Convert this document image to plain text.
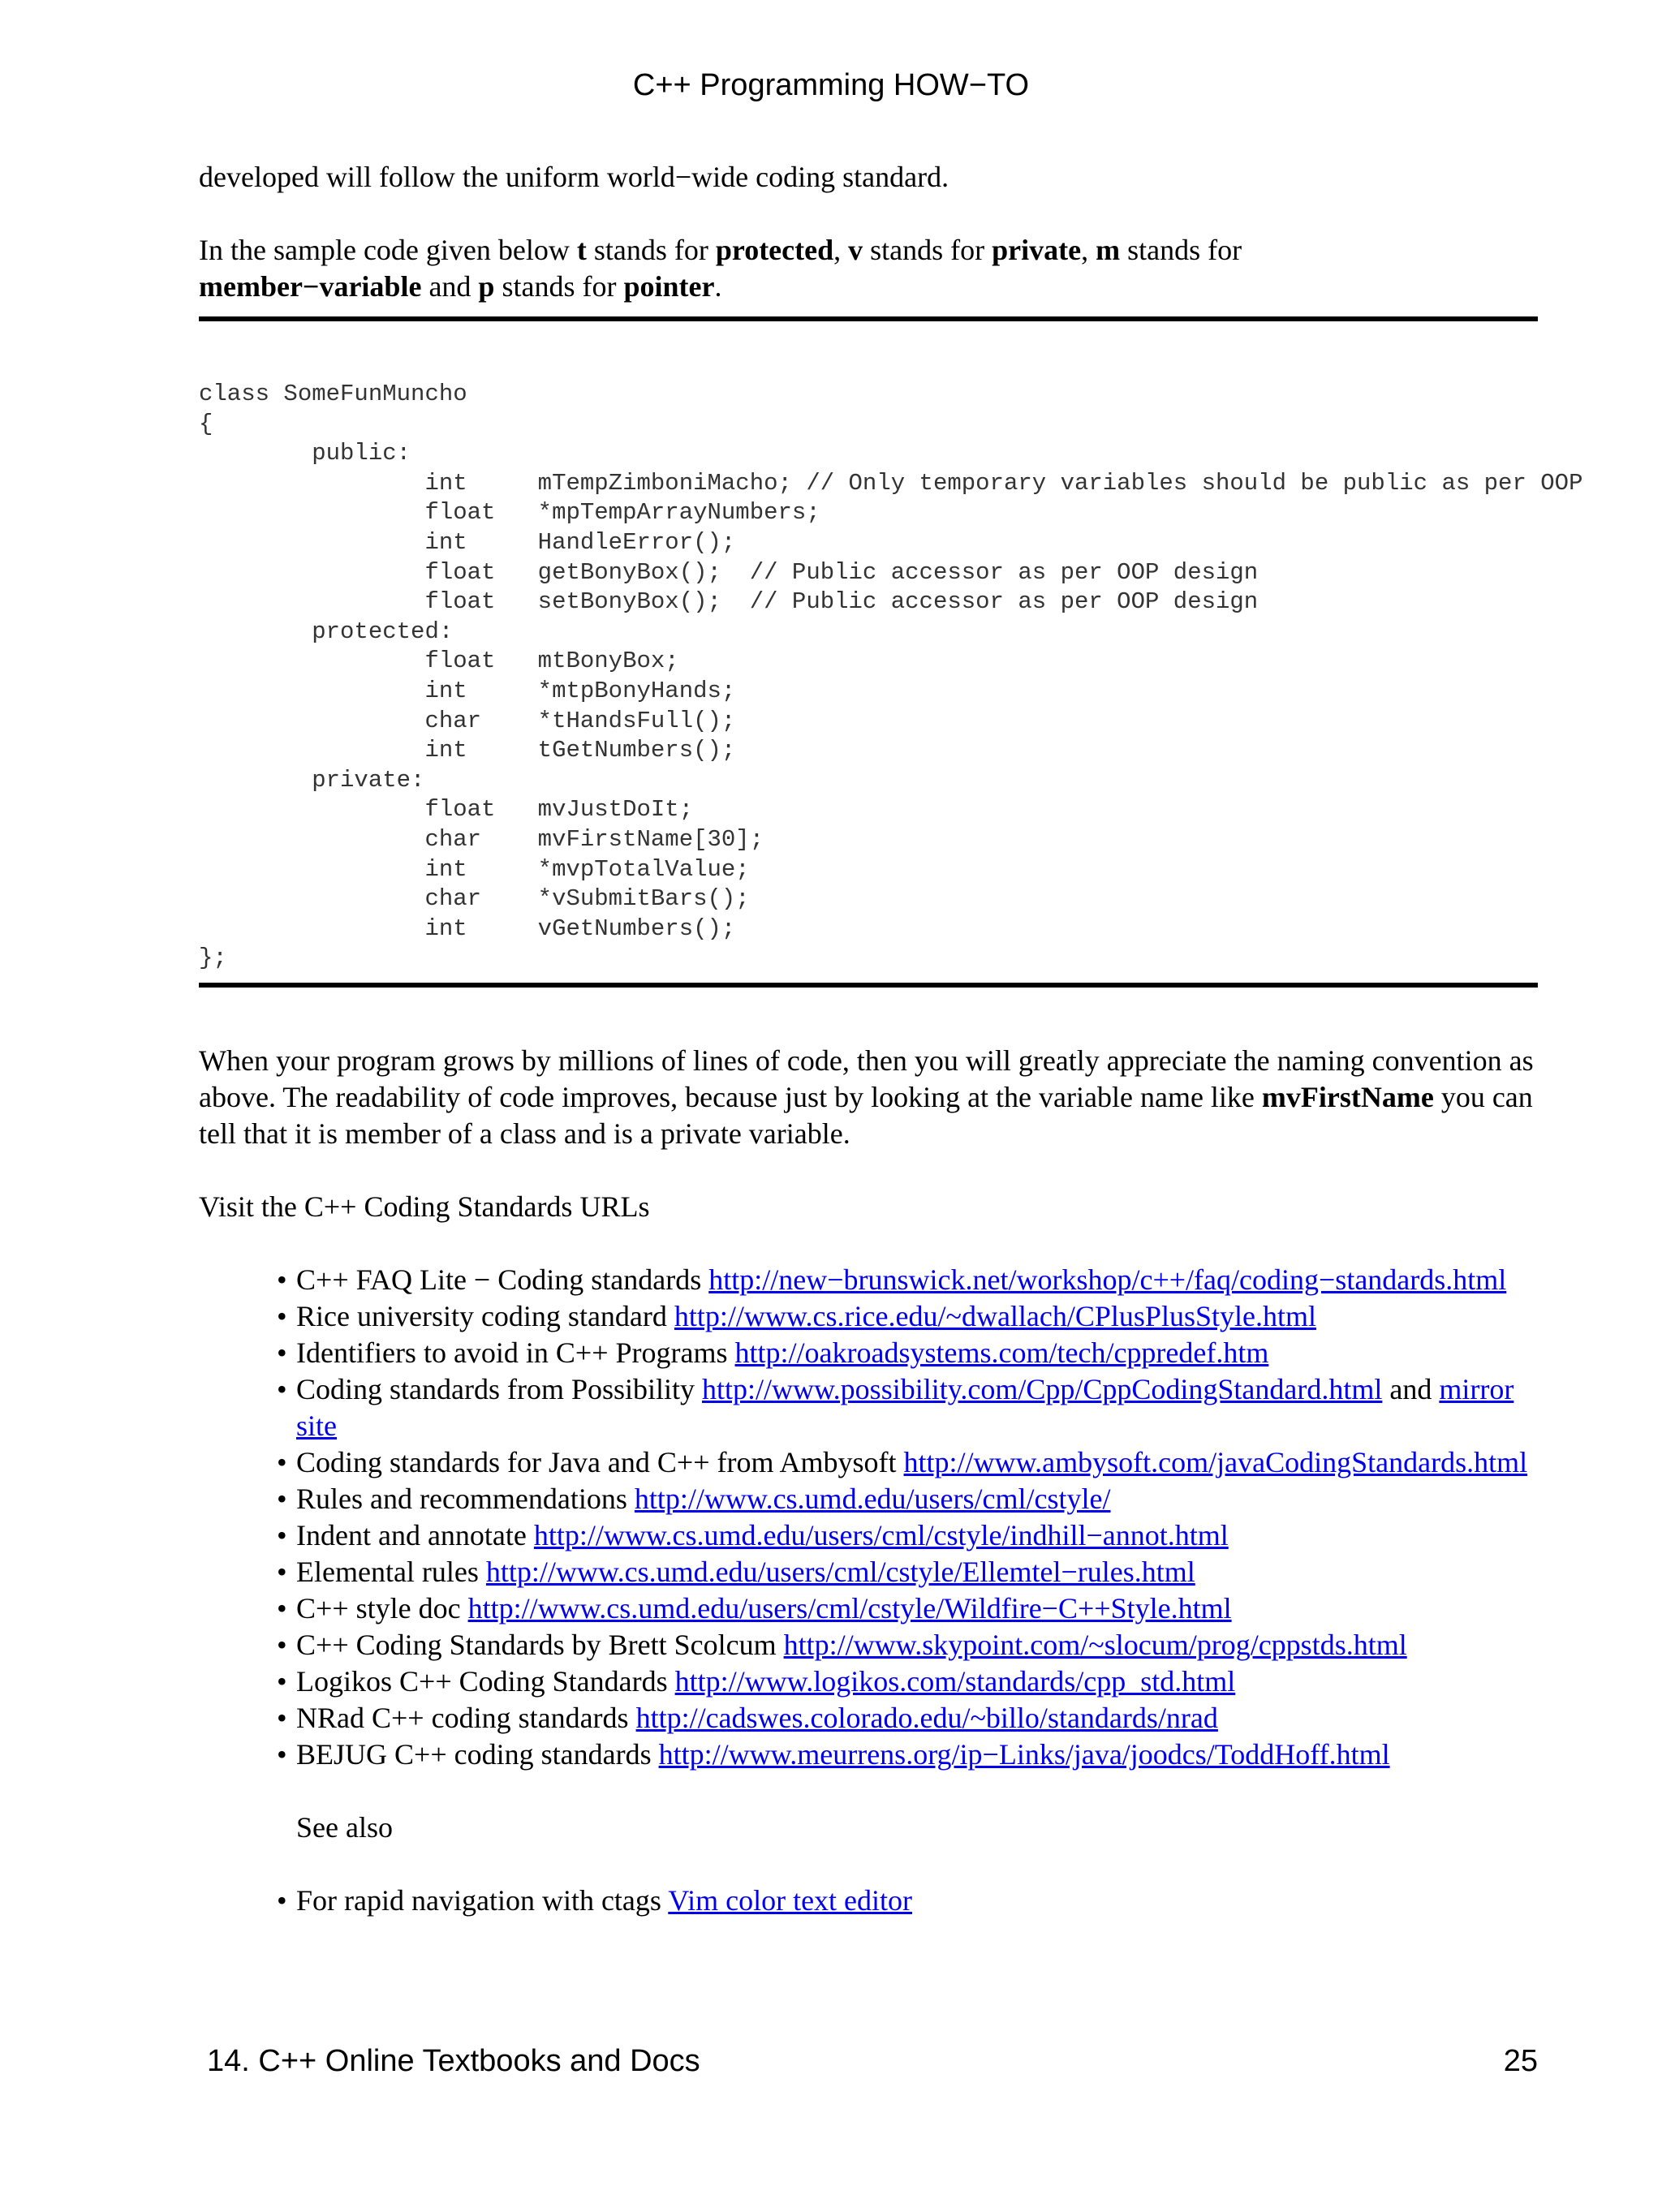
C++ Programming HOW−TO

developed will follow the uniform world−wide coding standard.

In the sample code given below t stands for protected, v stands for private, m stands for
member−variable and p stands for pointer.

class SomeFunMuncho
{
public:
int     mTempZimboniMacho; // Only temporary variables should be public as per OOP
float   *mpTempArrayNumbers;
int     HandleError();
float   getBonyBox();  // Public accessor as per OOP design
float   setBonyBox();  // Public accessor as per OOP design
protected:
float   mtBonyBox;
int     *mtpBonyHands;
char    *tHandsFull();
int     tGetNumbers();
private:
float   mvJustDoIt;
char    mvFirstName[30];
int     *mvpTotalValue;
char    *vSubmitBars();
int     vGetNumbers();
};

When your program grows by millions of lines of code, then you will greatly appreciate the naming convention as above. The readability of code improves, because just by looking at the variable name like mvFirstName you can tell that it is member of a class and is a private variable.

Visit the C++ Coding Standards URLs

• C++ FAQ Lite − Coding standards http://new−brunswick.net/workshop/c++/faq/coding−standards.html
• Rice university coding standard http://www.cs.rice.edu/~dwallach/CPlusPlusStyle.html
• Identifiers to avoid in C++ Programs http://oakroadsystems.com/tech/cppredef.htm
• Coding standards from Possibility http://www.possibility.com/Cpp/CppCodingStandard.html and mirror site
• Coding standards for Java and C++ from Ambysoft http://www.ambysoft.com/javaCodingStandards.html
• Rules and recommendations http://www.cs.umd.edu/users/cml/cstyle/
• Indent and annotate http://www.cs.umd.edu/users/cml/cstyle/indhill−annot.html
• Elemental rules http://www.cs.umd.edu/users/cml/cstyle/Ellemtel−rules.html
• C++ style doc http://www.cs.umd.edu/users/cml/cstyle/Wildfire−C++Style.html
• C++ Coding Standards by Brett Scolcum http://www.skypoint.com/~slocum/prog/cppstds.html
• Logikos C++ Coding Standards http://www.logikos.com/standards/cpp_std.html
• NRad C++ coding standards http://cadswes.colorado.edu/~billo/standards/nrad
• BEJUG C++ coding standards http://www.meurrens.org/ip−Links/java/joodcs/ToddHoff.html

See also

• For rapid navigation with ctags Vim color text editor
14. C++ Online Textbooks and Docs	25
